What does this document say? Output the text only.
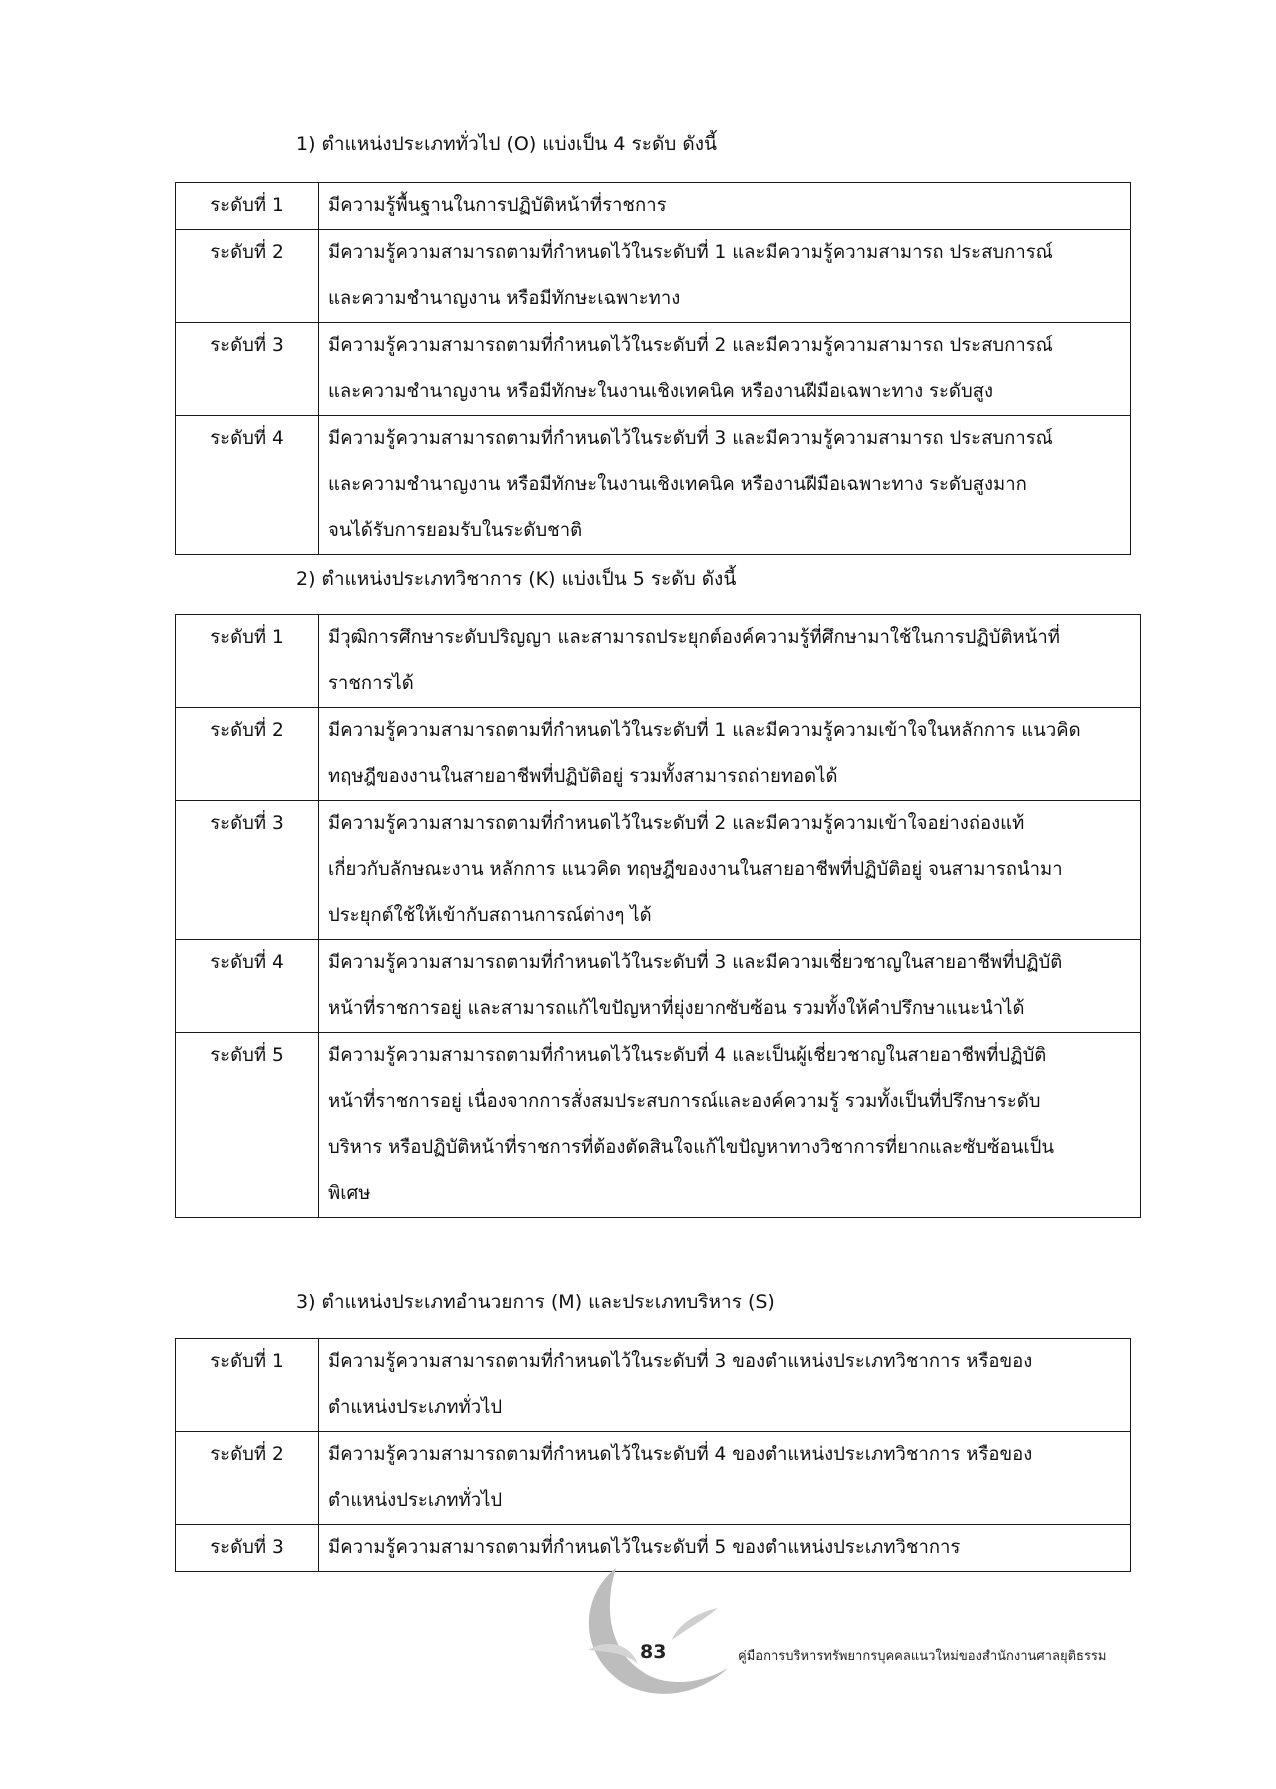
1) ตำแหน่งประเภททั่วไป (O) แบ่งเป็น 4 ระดับ ดังนี้
ระดับที่ 1	มีความรู้พื้นฐานในการปฏิบัติหน้าที่ราชการ

ระดับที่ 2	มีความรู้ความสามารถตามที่กำหนดไว้ในระดับที่ 1 และมีความรู้ความสามารถ ประสบการณ์
และความชำนาญงาน หรือมีทักษะเฉพาะทาง

ระดับที่ 3	มีความรู้ความสามารถตามที่กำหนดไว้ในระดับที่ 2 และมีความรู้ความสามารถ ประสบการณ์
และความชำนาญงาน หรือมีทักษะในงานเชิงเทคนิค หรืองานฝีมือเฉพาะทาง ระดับสูง

ระดับที่ 4	มีความรู้ความสามารถตามที่กำหนดไว้ในระดับที่ 3 และมีความรู้ความสามารถ ประสบการณ์
และความชำนาญงาน หรือมีทักษะในงานเชิงเทคนิค หรืองานฝีมือเฉพาะทาง ระดับสูงมาก
จนได้รับการยอมรับในระดับชาติ
2) ตำแหน่งประเภทวิชาการ (K) แบ่งเป็น 5 ระดับ ดังนี้
ระดับที่ 1	มีวุฒิการศึกษาระดับปริญญา และสามารถประยุกต์องค์ความรู้ที่ศึกษามาใช้ในการปฏิบัติหน้าที่
ราชการได้

ระดับที่ 2	มีความรู้ความสามารถตามที่กำหนดไว้ในระดับที่ 1 และมีความรู้ความเข้าใจในหลักการ แนวคิด
ทฤษฎีของงานในสายอาชีพที่ปฏิบัติอยู่ รวมทั้งสามารถถ่ายทอดได้

ระดับที่ 3	มีความรู้ความสามารถตามที่กำหนดไว้ในระดับที่ 2 และมีความรู้ความเข้าใจอย่างถ่องแท้
เกี่ยวกับลักษณะงาน หลักการ แนวคิด ทฤษฎีของงานในสายอาชีพที่ปฏิบัติอยู่ จนสามารถนำมา
ประยุกต์ใช้ให้เข้ากับสถานการณ์ต่างๆ ได้

ระดับที่ 4	มีความรู้ความสามารถตามที่กำหนดไว้ในระดับที่ 3 และมีความเชี่ยวชาญในสายอาชีพที่ปฏิบัติ
หน้าที่ราชการอยู่ และสามารถแก้ไขปัญหาที่ยุ่งยากซับซ้อน รวมทั้งให้คำปรึกษาแนะนำได้

ระดับที่ 5	มีความรู้ความสามารถตามที่กำหนดไว้ในระดับที่ 4 และเป็นผู้เชี่ยวชาญในสายอาชีพที่ปฏิบัติ
หน้าที่ราชการอยู่ เนื่องจากการสั่งสมประสบการณ์และองค์ความรู้ รวมทั้งเป็นที่ปรึกษาระดับ
บริหาร หรือปฏิบัติหน้าที่ราชการที่ต้องตัดสินใจแก้ไขปัญหาทางวิชาการที่ยากและซับซ้อนเป็น
พิเศษ
3) ตำแหน่งประเภทอำนวยการ (M) และประเภทบริหาร (S)
ระดับที่ 1	มีความรู้ความสามารถตามที่กำหนดไว้ในระดับที่ 3 ของตำแหน่งประเภทวิชาการ หรือของ
ตำแหน่งประเภททั่วไป

ระดับที่ 2	มีความรู้ความสามารถตามที่กำหนดไว้ในระดับที่ 4 ของตำแหน่งประเภทวิชาการ หรือของ
ตำแหน่งประเภททั่วไป

ระดับที่ 3	มีความรู้ความสามารถตามที่กำหนดไว้ในระดับที่ 5 ของตำแหน่งประเภทวิชาการ
83	คู่มือการบริหารทรัพยากรบุคคลแนวใหม่ของสำนักงานศาลยุติธรรม
